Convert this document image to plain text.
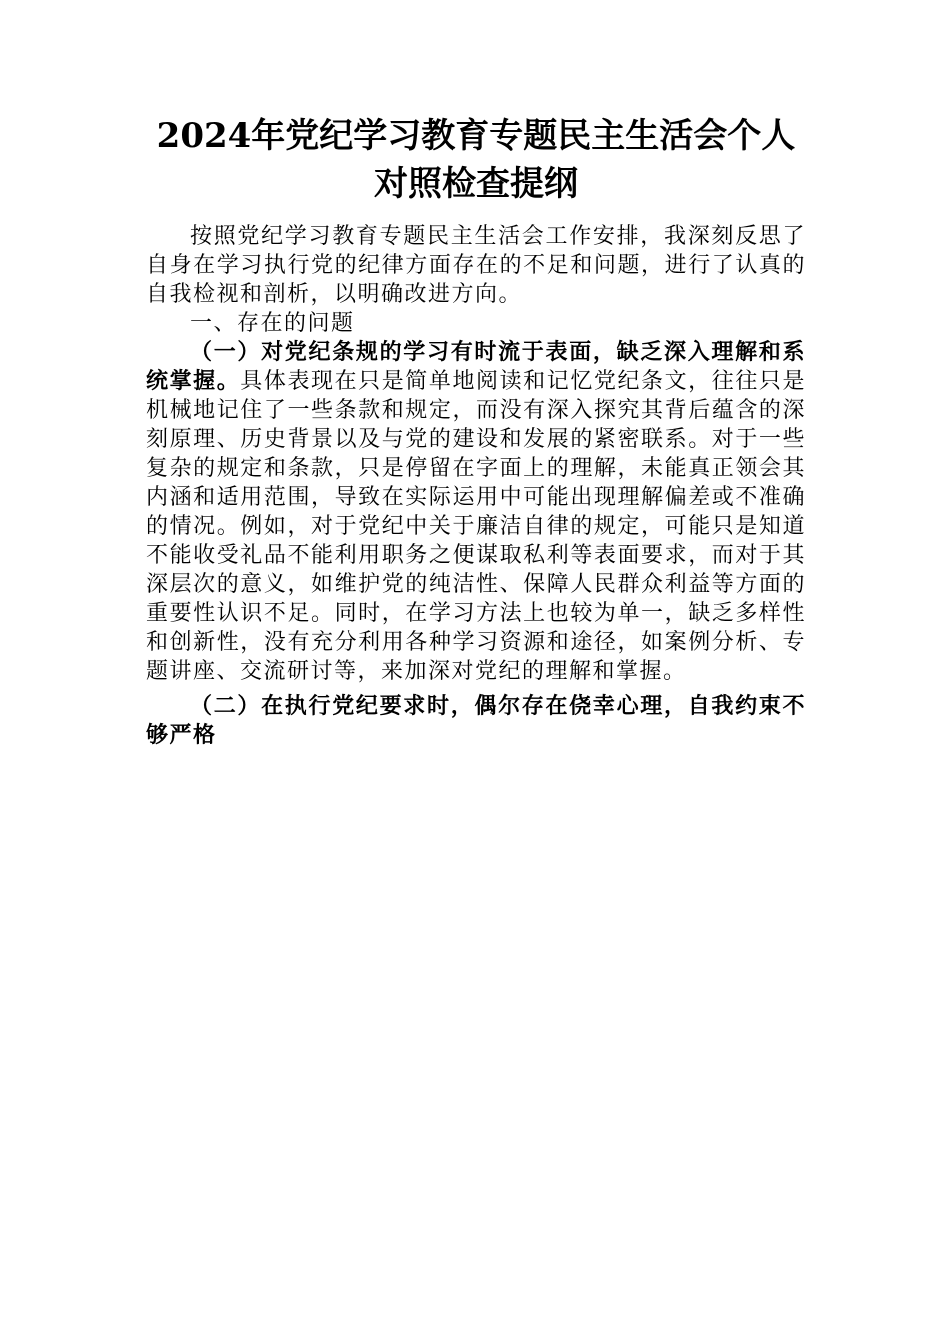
2024年党纪学习教育专题民主生活会个人对照检查提纲

按照党纪学习教育专题民主生活会工作安排，我深刻反思了自身在学习执行党的纪律方面存在的不足和问题，进行了认真的自我检视和剖析，以明确改进方向。

一、存在的问题

（一）对党纪条规的学习有时流于表面，缺乏深入理解和系统掌握。具体表现在只是简单地阅读和记忆党纪条文，往往只是机械地记住了一些条款和规定，而没有深入探究其背后蕴含的深刻原理、历史背景以及与党的建设和发展的紧密联系。对于一些复杂的规定和条款，只是停留在字面上的理解，未能真正领会其内涵和适用范围，导致在实际运用中可能出现理解偏差或不准确的情况。例如，对于党纪中关于廉洁自律的规定，可能只是知道不能收受礼品不能利用职务之便谋取私利等表面要求，而对于其深层次的意义，如维护党的纯洁性、保障人民群众利益等方面的重要性认识不足。同时，在学习方法上也较为单一，缺乏多样性和创新性，没有充分利用各种学习资源和途径，如案例分析、专题讲座、交流研讨等，来加深对党纪的理解和掌握。

（二）在执行党纪要求时，偶尔存在侥幸心理，自我约束不够严格
